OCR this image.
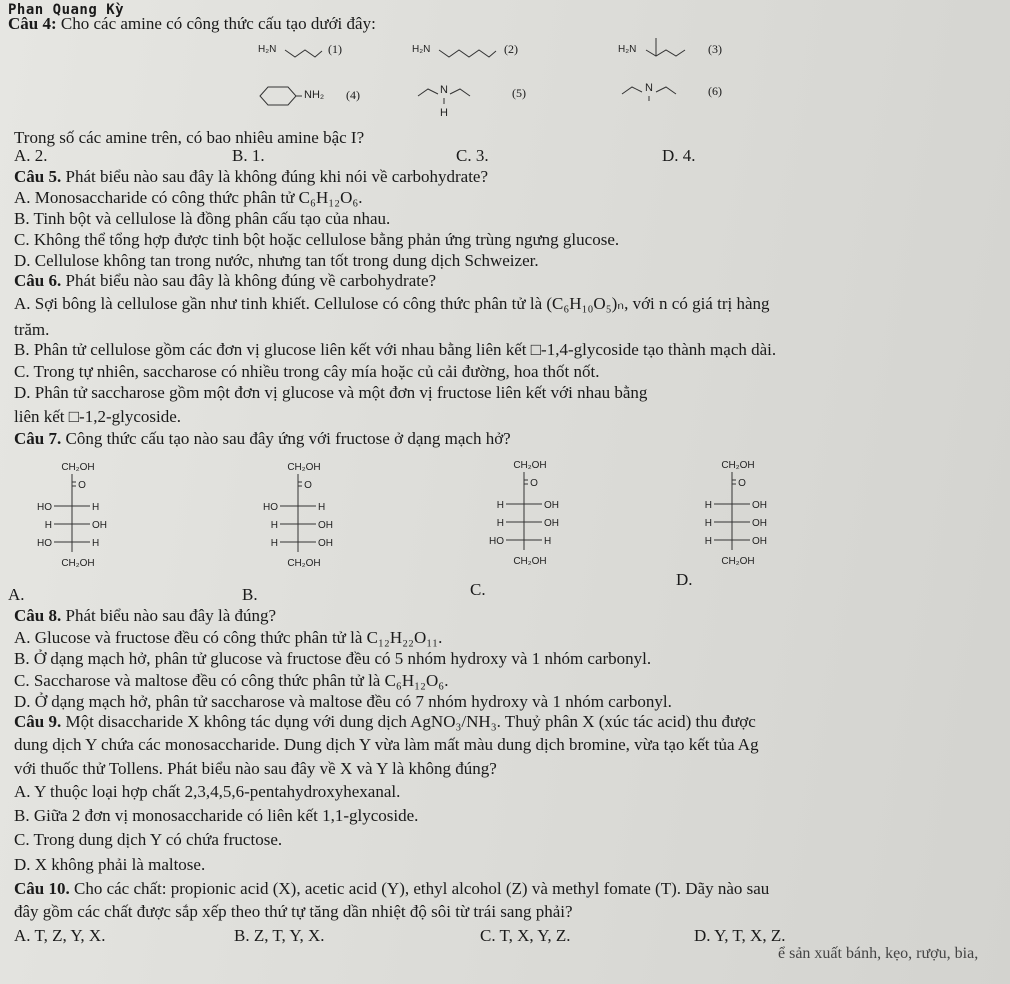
Phan Quang Kỳ
Câu 4: Cho các amine có công thức cấu tạo dưới đây:
H₂N	(1)	H₂N	(2)	H₂N	(3)
NH₂ (4)	N
H
(5)	N	(6)
Trong số các amine trên, có bao nhiêu amine bậc I?
A. 2.	B. 1.	C. 3.	D. 4.
Câu 5. Phát biểu nào sau đây là không đúng khi nói về carbohydrate?
A. Monosaccharide có công thức phân tử C₆H₁₂O₆.
B. Tinh bột và cellulose là đồng phân cấu tạo của nhau.
C. Không thể tổng hợp được tinh bột hoặc cellulose bằng phản ứng trùng ngưng glucose.
D. Cellulose không tan trong nước, nhưng tan tốt trong dung dịch Schweizer.
Câu 6. Phát biểu nào sau đây là không đúng về carbohydrate?
A. Sợi bông là cellulose gần như tinh khiết. Cellulose có công thức phân tử là (C₆H₁₀O₅)ₙ, với n có giá trị hàng
trăm.
B. Phân tử cellulose gồm các đơn vị glucose liên kết với nhau bằng liên kết □-1,4-glycoside tạo thành mạch dài.
C. Trong tự nhiên, saccharose có nhiều trong cây mía hoặc củ cải đường, hoa thốt nốt.
D. Phân tử saccharose gồm một đơn vị glucose và một đơn vị fructose liên kết với nhau bằng
liên kết □-1,2-glycoside.
Câu 7. Công thức cấu tạo nào sau đây ứng với fructose ở dạng mạch hở?
CH₂OH
O
HO	H
H	OH
HO	H
CH₂OH
CH₂OH
O
HO	H
H	OH
H	OH
CH₂OH
CH₂OH
O
H	OH
H	OH
HO	H
CH₂OH
CH₂OH
O
H	OH
H	OH
H	OH
CH₂OH
A.	B.	C.
D.
Câu 8. Phát biểu nào sau đây là đúng?
A. Glucose và fructose đều có công thức phân tử là C₁₂H₂₂O₁₁.
B. Ở dạng mạch hở, phân tử glucose và fructose đều có 5 nhóm hydroxy và 1 nhóm carbonyl.
C. Saccharose và maltose đều có công thức phân tử là C₆H₁₂O₆.
D. Ở dạng mạch hở, phân tử saccharose và maltose đều có 7 nhóm hydroxy và 1 nhóm carbonyl.
Câu 9. Một disaccharide X không tác dụng với dung dịch AgNO₃/NH₃. Thuỷ phân X (xúc tác acid) thu được
dung dịch Y chứa các monosaccharide. Dung dịch Y vừa làm mất màu dung dịch bromine, vừa tạo kết tủa Ag
với thuốc thử Tollens. Phát biểu nào sau đây về X và Y là không đúng?
A. Y thuộc loại hợp chất 2,3,4,5,6-pentahydroxyhexanal.
B. Giữa 2 đơn vị monosaccharide có liên kết 1,1-glycoside.
C. Trong dung dịch Y có chứa fructose.
D. X không phải là maltose.
Câu 10. Cho các chất: propionic acid (X), acetic acid (Y), ethyl alcohol (Z) và methyl fomate (T). Dãy nào sau
đây gồm các chất được sắp xếp theo thứ tự tăng dần nhiệt độ sôi từ trái sang phải?
A. T, Z, Y, X.	B. Z, T, Y, X.	C. T, X, Y, Z.	D. Y, T, X, Z.
ể sản xuất bánh, kẹo, rượu, bia,
